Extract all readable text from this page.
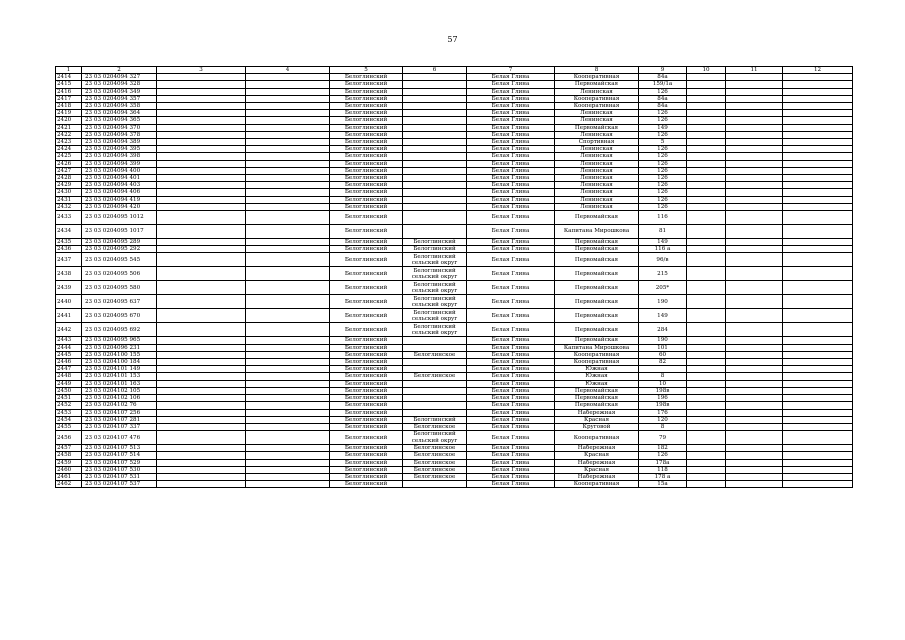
57
1	2	3	4	5	6	7	8	9	10	11	12
2414	23 03 0204094 327			Белоглинский		Белая Глина	Кооперативная	84а			
2415	23 03 0204094 328			Белоглинский		Белая Глина	Первомайская	159/1а			
2416	23 03 0204094 349			Белоглинский		Белая Глина	Ленинская	126			
2417	23 03 0204094 357			Белоглинский		Белая Глина	Кооперативная	84а			
2418	23 03 0204094 358			Белоглинский		Белая Глина	Кооперативная	84а			
2419	23 03 0204094 364			Белоглинский		Белая Глина	Ленинская	126			
2420	23 03 0204094 365			Белоглинский		Белая Глина	Ленинская	126			
2421	23 03 0204094 370			Белоглинский		Белая Глина	Первомайская	149			
2422	23 03 0204094 378			Белоглинский		Белая Глина	Ленинская	126			
2423	23 03 0204094 389			Белоглинский		Белая Глина	Спортивная	5			
2424	23 03 0204094 395			Белоглинский		Белая Глина	Ленинская	126			
2425	23 03 0204094 398			Белоглинский		Белая Глина	Ленинская	126			
2426	23 03 0204094 399			Белоглинский		Белая Глина	Ленинская	126			
2427	23 03 0204094 400			Белоглинский		Белая Глина	Ленинская	126			
2428	23 03 0204094 401			Белоглинский		Белая Глина	Ленинская	126			
2429	23 03 0204094 403			Белоглинский		Белая Глина	Ленинская	126			
2430	23 03 0204094 406			Белоглинский		Белая Глина	Ленинская	126			
2431	23 03 0204094 419			Белоглинский		Белая Глина	Ленинская	126			
2432	23 03 0204094 420			Белоглинский		Белая Глина	Ленинская	126			
2433	23 03 0204095 1012			Белоглинский		Белая Глина	Первомайская	116			
2434	23 03 0204095 1017			Белоглинский		Белая Глина	Капитана Мирошкова	81			
2435	23 03 0204095 289			Белоглинский	Белоглинский	Белая Глина	Первомайская	149			
2436	23 03 0204095 292			Белоглинский	Белоглинский	Белая Глина	Первомайская	116 а			
2437	23 03 0204095 545			Белоглинский	Белоглинский сельский округ	Белая Глина	Первомайская	96/в			
2438	23 03 0204095 506			Белоглинский	Белоглинский сельский округ	Белая Глина	Первомайская	215			
2439	23 03 0204095 580			Белоглинский	Белоглинский сельский округ	Белая Глина	Первомайская	205*			
2440	23 03 0204095 637			Белоглинский	Белоглинский сельский округ	Белая Глина	Первомайская	190			
2441	23 03 0204095 670			Белоглинский	Белоглинский сельский округ	Белая Глина	Первомайская	149			
2442	23 03 0204095 692			Белоглинский	Белоглинский сельский округ	Белая Глина	Первомайская	284			
2443	23 03 0204095 965			Белоглинский		Белая Глина	Первомайская	190			
2444	23 03 0204096 231			Белоглинский		Белая Глина	Капитана Мирошкова	101			
2445	23 03 0204100 155			Белоглинский	Белоглинское	Белая Глина	Кооперативная	60			
2446	23 03 0204100 184			Белоглинский		Белая Глина	Кооперативная	82			
2447	23 03 0204101 149			Белоглинский		Белая Глина	Южная				
2448	23 03 0204101 153			Белоглинский	Белоглинское	Белая Глина	Южная	8			
2449	23 03 0204101 163			Белоглинский		Белая Глина	Южная	10			
2450	23 03 0204102 105			Белоглинский		Белая Глина	Первомайская	198в			
2451	23 03 0204102 106			Белоглинский		Белая Глина	Первомайская	196			
2452	23 03 0204102 76			Белоглинский		Белая Глина	Первомайская	198в			
2453	23 03 0204107 256			Белоглинский		Белая Глина	Набережная	176			
2454	23 03 0204107 281			Белоглинский	Белоглинский	Белая Глина	Красная	120			
2455	23 03 0204107 337			Белоглинский	Белоглинское	Белая Глина	Круговой	8			
2456	23 03 0204107 476			Белоглинский	Белоглинский сельский округ	Белая Глина	Кооперативная	79			
2457	23 03 0204107 513			Белоглинский	Белоглинское	Белая Глина	Набережная	182			
2458	23 03 0204107 514			Белоглинский	Белоглинское	Белая Глина	Красная	126			
2459	23 03 0204107 529			Белоглинский	Белоглинское	Белая Глина	Набережная	178а			
2460	23 03 0204107 530			Белоглинский	Белоглинское	Белая Глина	Красная	118			
2461	23 03 0204107 531			Белоглинский	Белоглинское	Белая Глина	Набережная	178 а			
2462	23 03 0204107 537			Белоглинский		Белая Глина	Кооперативная	15а			
